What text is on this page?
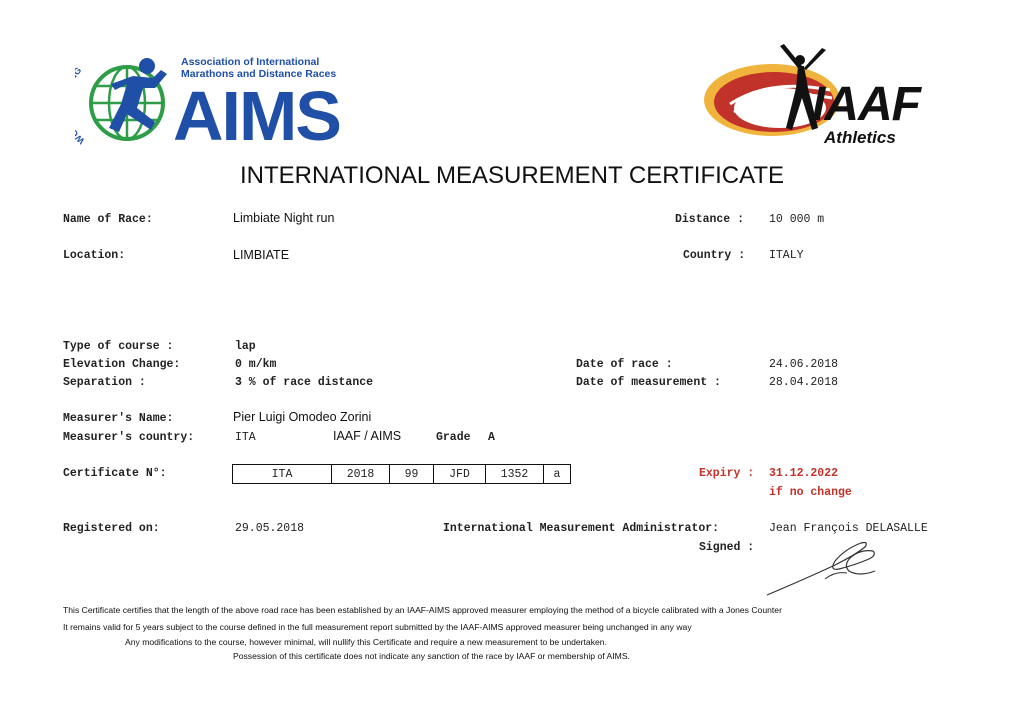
Association of International
Marathons and Distance Races
AIMS	IAAF
Athletics
INTERNATIONAL MEASUREMENT CERTIFICATE
Name of Race:	Limbiate Night run	Distance : 10 000 m
Location:	LIMBIATE	Country : ITALY
Type of course :	lap
Elevation Change:	0 m/km	Date of race :	24.06.2018
Separation :	3 % of race distance	Date of measurement :	28.04.2018
Measurer's Name:	Pier Luigi Omodeo Zorini
Measurer's country:	ITA	IAAF / AIMS	Grade A
Certificate N°:	ITA	2018	99	JFD	1352	a	Expiry : 31.12.2022
if no change
Registered on:	29.05.2018	International Measurement Administrator:	Jean François DELASALLE
Signed :
This Certificate certifies that the length of the above road race has been established by an IAAF-AIMS approved measurer employing the method of a bicycle calibrated with a Jones Counter
It remains valid for 5 years subject to the course defined in the full measurement report submitted by the IAAF-AIMS approved measurer being unchanged in any way
Any modifications to the course, however minimal, will nullify this Certificate and require a new measurement to be undertaken.
Possession of this certificate does not indicate any sanction of the race by IAAF or membership of AIMS.
